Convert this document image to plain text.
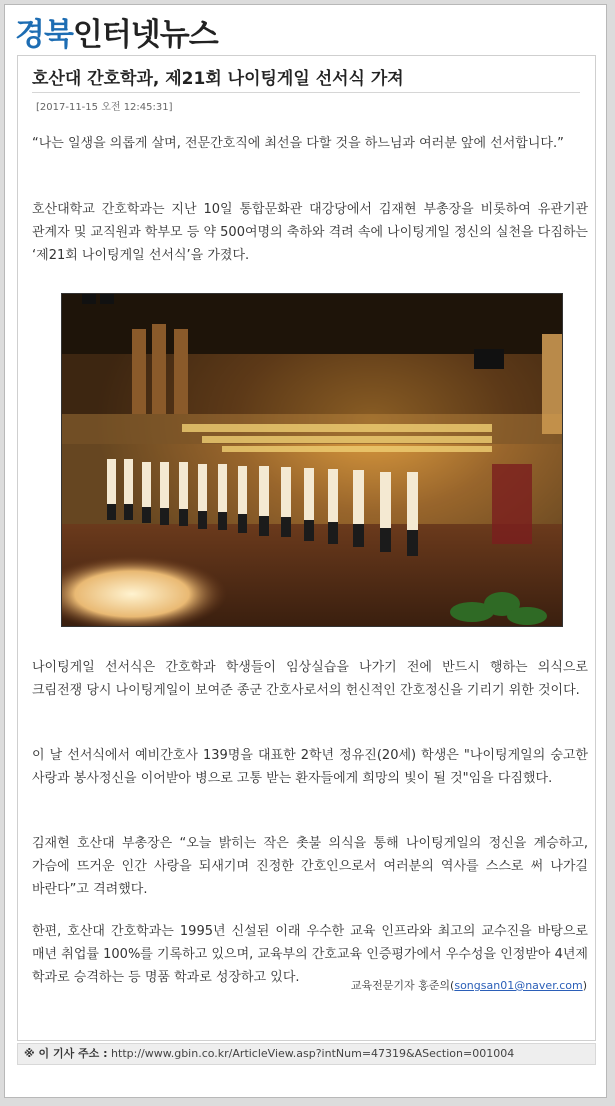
경북 인터넷뉴스
호산대 간호학과, 제21회 나이팅게일 선서식 가져
[2017-11-15 오전 12:45:31]
“나는 일생을 의롭게 살며, 전문간호직에 최선을 다할 것을 하느님과 여러분 앞에 선서합니다.”
호산대학교 간호학과는 지난 10일 통합문화관 대강당에서 김재현 부총장을 비롯하여 유관기관 관계자 및 교직원과 학부모 등 약 500여명의 축하와 격려 속에 나이팅게일 정신의 실천을 다짐하는 ‘제21회 나이팅게일 선서식’을 가졌다.
나이팅게일 선서식은 간호학과 학생들이 임상실습을 나가기 전에 반드시 행하는 의식으로 크림전쟁 당시 나이팅게일이 보여준 종군 간호사로서의 헌신적인 간호정신을 기리기 위한 것이다.
이 날 선서식에서 예비간호사 139명을 대표한 2학년 정유진(20세) 학생은 "나이팅게일의 숭고한 사랑과 봉사정신을 이어받아 병으로 고통 받는 환자들에게 희망의 빛이 될 것"임을 다짐했다.
김재현 호산대 부총장은 “오늘 밝히는 작은 촛불 의식을 통해 나이팅게일의 정신을 계승하고, 가슴에 뜨거운 인간 사랑을 되새기며 진정한 간호인으로서 여러분의 역사를 스스로 써 나가길 바란다”고 격려했다.
한편, 호산대 간호학과는 1995년 신설된 이래 우수한 교육 인프라와 최고의 교수진을 바탕으로 매년 취업률 100%를 기록하고 있으며, 교육부의 간호교육 인증평가에서 우수성을 인정받아 4년제 학과로 승격하는 등 명품 학과로 성장하고 있다.
교육전문기자 홍준의(songsan01@naver.com)
※ 이 기사 주소 : http://www.gbin.co.kr/ArticleView.asp?intNum=47319&ASection=001004
